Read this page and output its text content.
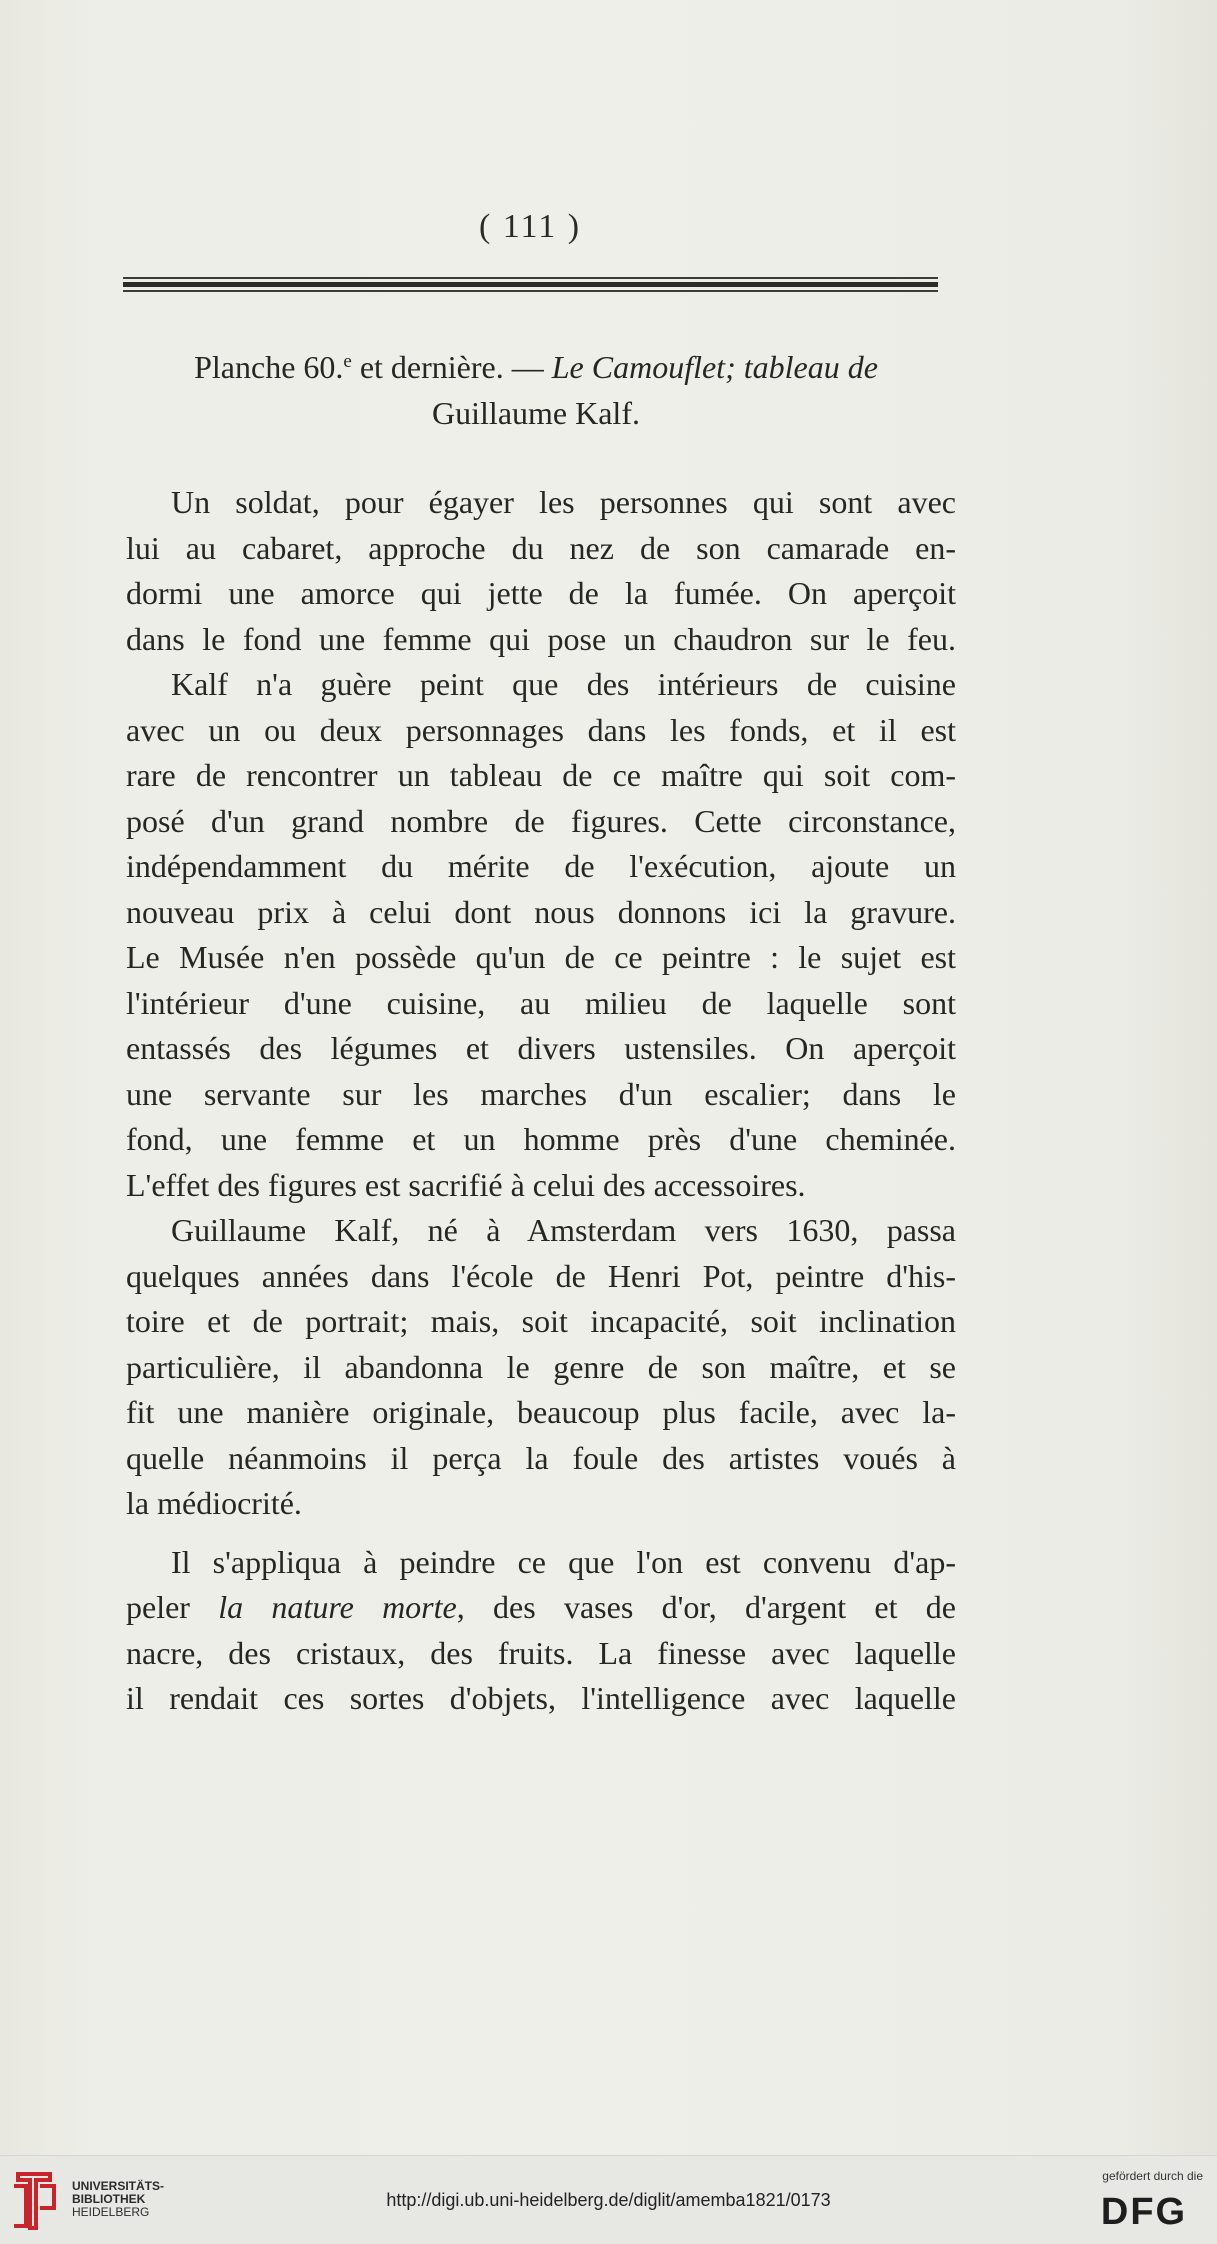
( 111 )
Planche 60.$^e$ et dernière. — Le Camouflet; tableau de
Guillaume Kalf.
Un soldat, pour égayer les personnes qui sont avec
lui au cabaret, approche du nez de son camarade en-
dormi une amorce qui jette de la fumée. On aperçoit
dans le fond une femme qui pose un chaudron sur le feu.
Kalf n'a guère peint que des intérieurs de cuisine
avec un ou deux personnages dans les fonds, et il est
rare de rencontrer un tableau de ce maître qui soit com-
posé d'un grand nombre de figures. Cette circonstance,
indépendamment du mérite de l'exécution, ajoute un
nouveau prix à celui dont nous donnons ici la gravure.
Le Musée n'en possède qu'un de ce peintre : le sujet est
l'intérieur d'une cuisine, au milieu de laquelle sont
entassés des légumes et divers ustensiles. On aperçoit
une servante sur les marches d'un escalier; dans le
fond, une femme et un homme près d'une cheminée.
L'effet des figures est sacrifié à celui des accessoires.
Guillaume Kalf, né à Amsterdam vers 1630, passa
quelques années dans l'école de Henri Pot, peintre d'his-
toire et de portrait; mais, soit incapacité, soit inclination
particulière, il abandonna le genre de son maître, et se
fit une manière originale, beaucoup plus facile, avec la-
quelle néanmoins il perça la foule des artistes voués à
la médiocrité.
Il s'appliqua à peindre ce que l'on est convenu d'ap-
peler la nature morte, des vases d'or, d'argent et de
nacre, des cristaux, des fruits. La finesse avec laquelle
il rendait ces sortes d'objets, l'intelligence avec laquelle
UNIVERSITÄTS-
BIBLIOTHEK
HEIDELBERG
http://digi.ub.uni-heidelberg.de/diglit/amemba1821/0173
gefördert durch die
DFG
